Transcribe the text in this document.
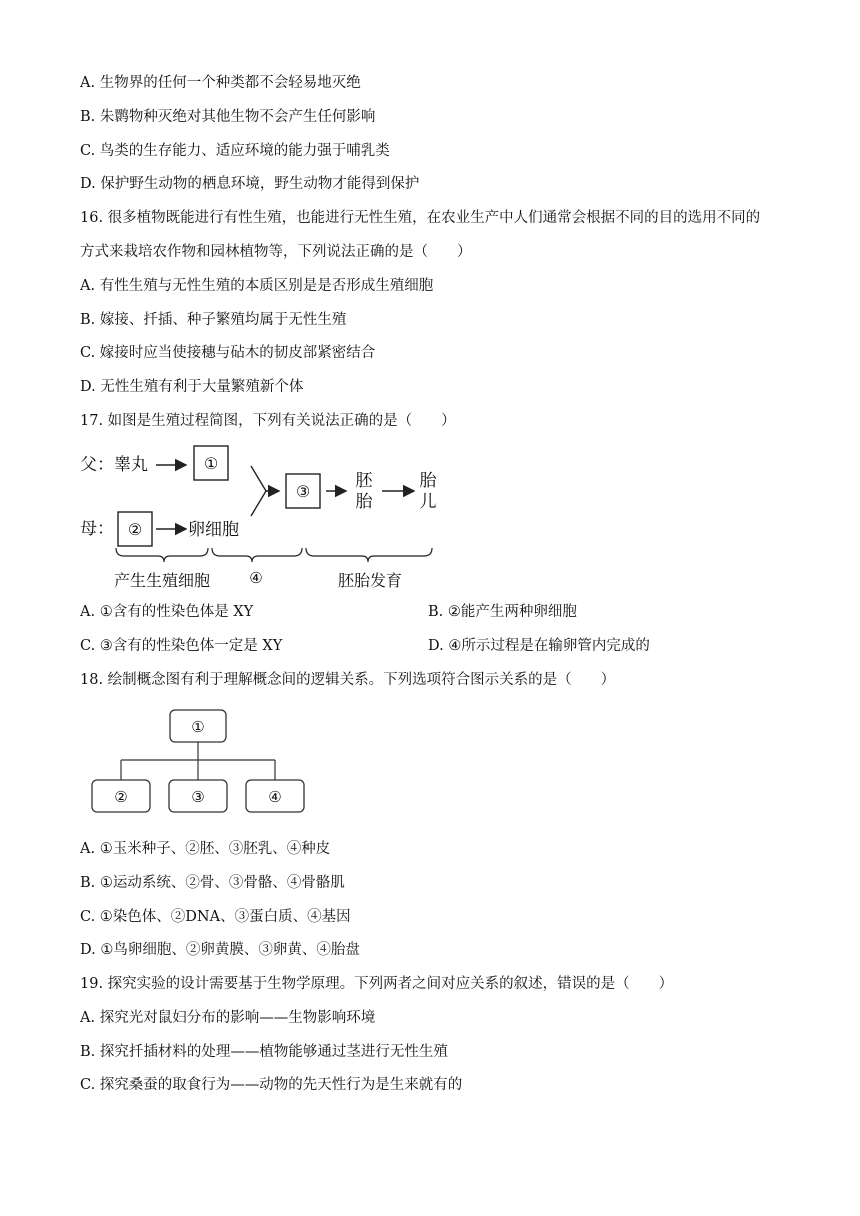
A. 生物界的任何一个种类都不会轻易地灭绝
B. 朱鹮物种灭绝对其他生物不会产生任何影响
C. 鸟类的生存能力、适应环境的能力强于哺乳类
D. 保护野生动物的栖息环境，野生动物才能得到保护
16. 很多植物既能进行有性生殖，也能进行无性生殖，在农业生产中人们通常会根据不同的目的选用不同的
方式来栽培农作物和园林植物等，下列说法正确的是（　　）
A. 有性生殖与无性生殖的本质区别是是否形成生殖细胞
B. 嫁接、扦插、种子繁殖均属于无性生殖
C. 嫁接时应当使接穗与砧木的韧皮部紧密结合
D. 无性生殖有利于大量繁殖新个体
17. 如图是生殖过程简图，下列有关说法正确的是（　　）
父：睾丸	①
母： ②	卵细胞
③
胚
胎
胎
儿
产生生殖细胞	④	胚胎发育
A. ①含有的性染色体是 XY	B. ②能产生两种卵细胞
C. ③含有的性染色体一定是 XY	D. ④所示过程是在输卵管内完成的
18. 绘制概念图有利于理解概念间的逻辑关系。下列选项符合图示关系的是（　　）
①
②	③	④
A. ①玉米种子、②胚、③胚乳、④种皮
B. ①运动系统、②骨、③骨骼、④骨骼肌
C. ①染色体、②DNA、③蛋白质、④基因
D. ①鸟卵细胞、②卵黄膜、③卵黄、④胎盘
19. 探究实验的设计需要基于生物学原理。下列两者之间对应关系的叙述，错误的是（　　）
A. 探究光对鼠妇分布的影响——生物影响环境
B. 探究扦插材料的处理——植物能够通过茎进行无性生殖
C. 探究桑蚕的取食行为——动物的先天性行为是生来就有的
